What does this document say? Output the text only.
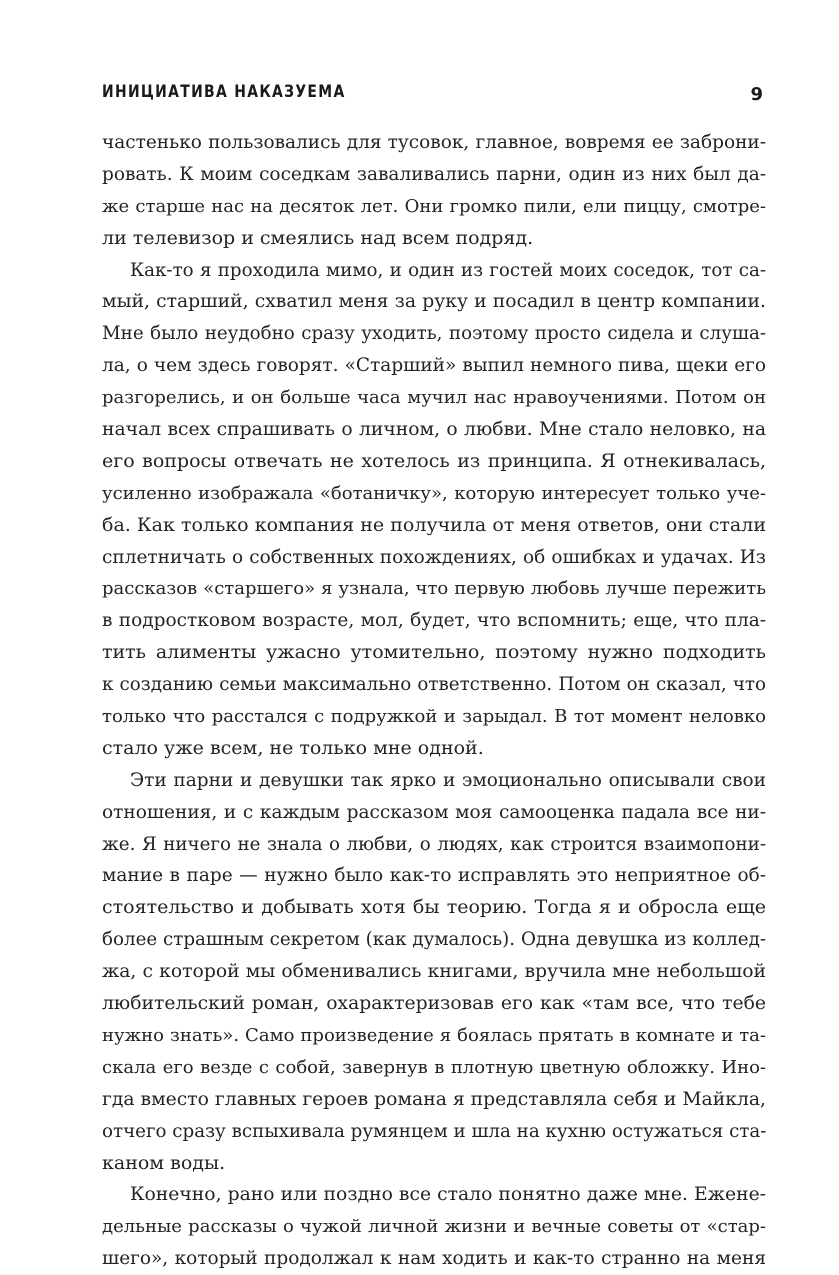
ИНИЦИАТИВА НАКАЗУЕМА	9
частенько пользовались для тусовок, главное, вовремя ее заброни-
ровать. К моим соседкам заваливались парни, один из них был да-
же старше нас на десяток лет. Они громко пили, ели пиццу, смотре-
ли телевизор и смеялись над всем подряд.
Как-то я проходила мимо, и один из гостей моих соседок, тот са-
мый, старший, схватил меня за руку и посадил в центр компании.
Мне было неудобно сразу уходить, поэтому просто сидела и слуша-
ла, о чем здесь говорят. «Старший» выпил немного пива, щеки его
разгорелись, и он больше часа мучил нас нравоучениями. Потом он
начал всех спрашивать о личном, о любви. Мне стало неловко, на
его вопросы отвечать не хотелось из принципа. Я отнекивалась,
усиленно изображала «ботаничку», которую интересует только уче-
ба. Как только компания не получила от меня ответов, они стали
сплетничать о собственных похождениях, об ошибках и удачах. Из
рассказов «старшего» я узнала, что первую любовь лучше пережить
в подростковом возрасте, мол, будет, что вспомнить; еще, что пла-
тить алименты ужасно утомительно, поэтому нужно подходить
к созданию семьи максимально ответственно. Потом он сказал, что
только что расстался с подружкой и зарыдал. В тот момент неловко
стало уже всем, не только мне одной.
Эти парни и девушки так ярко и эмоционально описывали свои
отношения, и с каждым рассказом моя самооценка падала все ни-
же. Я ничего не знала о любви, о людях, как строится взаимопони-
мание в паре — нужно было как-то исправлять это неприятное об-
стоятельство и добывать хотя бы теорию. Тогда я и обросла еще
более страшным секретом (как думалось). Одна девушка из коллед-
жа, с которой мы обменивались книгами, вручила мне небольшой
любительский роман, охарактеризовав его как «там все, что тебе
нужно знать». Само произведение я боялась прятать в комнате и та-
скала его везде с собой, завернув в плотную цветную обложку. Ино-
гда вместо главных героев романа я представляла себя и Майкла,
отчего сразу вспыхивала румянцем и шла на кухню остужаться ста-
каном воды.
Конечно, рано или поздно все стало понятно даже мне. Ежене-
дельные рассказы о чужой личной жизни и вечные советы от «стар-
шего», который продолжал к нам ходить и как-то странно на меня
